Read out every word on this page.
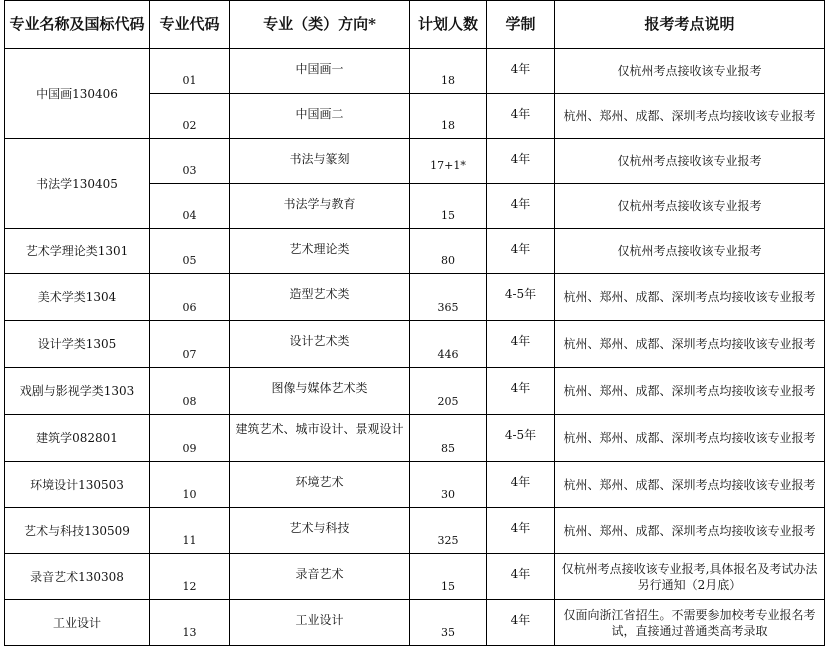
专业名称及国标代码	专业代码	专业（类）方向*	计划人数	学制	报考考点说明
中国画130406	01	中国画一	18	4年	仅杭州考点接收该专业报考
	02	中国画二	18	4年	杭州、郑州、成都、深圳考点均接收该专业报考
书法学130405	03	书法与篆刻	17+1*	4年	仅杭州考点接收该专业报考
	04	书法学与教育	15	4年	仅杭州考点接收该专业报考
艺术学理论类1301	05	艺术理论类	80	4年	仅杭州考点接收该专业报考
美术学类1304	06	造型艺术类	365	4-5年	杭州、郑州、成都、深圳考点均接收该专业报考
设计学类1305	07	设计艺术类	446	4年	杭州、郑州、成都、深圳考点均接收该专业报考
戏剧与影视学类1303	08	图像与媒体艺术类	205	4年	杭州、郑州、成都、深圳考点均接收该专业报考
建筑学082801	09	建筑艺术、城市设计、景观设计	85	4-5年	杭州、郑州、成都、深圳考点均接收该专业报考
环境设计130503	10	环境艺术	30	4年	杭州、郑州、成都、深圳考点均接收该专业报考
艺术与科技130509	11	艺术与科技	325	4年	杭州、郑州、成都、深圳考点均接收该专业报考
录音艺术130308	12	录音艺术	15	4年	仅杭州考点接收该专业报考,具体报名及考试办法另行通知（2月底）
工业设计	13	工业设计	35	4年	仅面向浙江省招生。不需要参加校考专业报名考试，直接通过普通类高考录取
